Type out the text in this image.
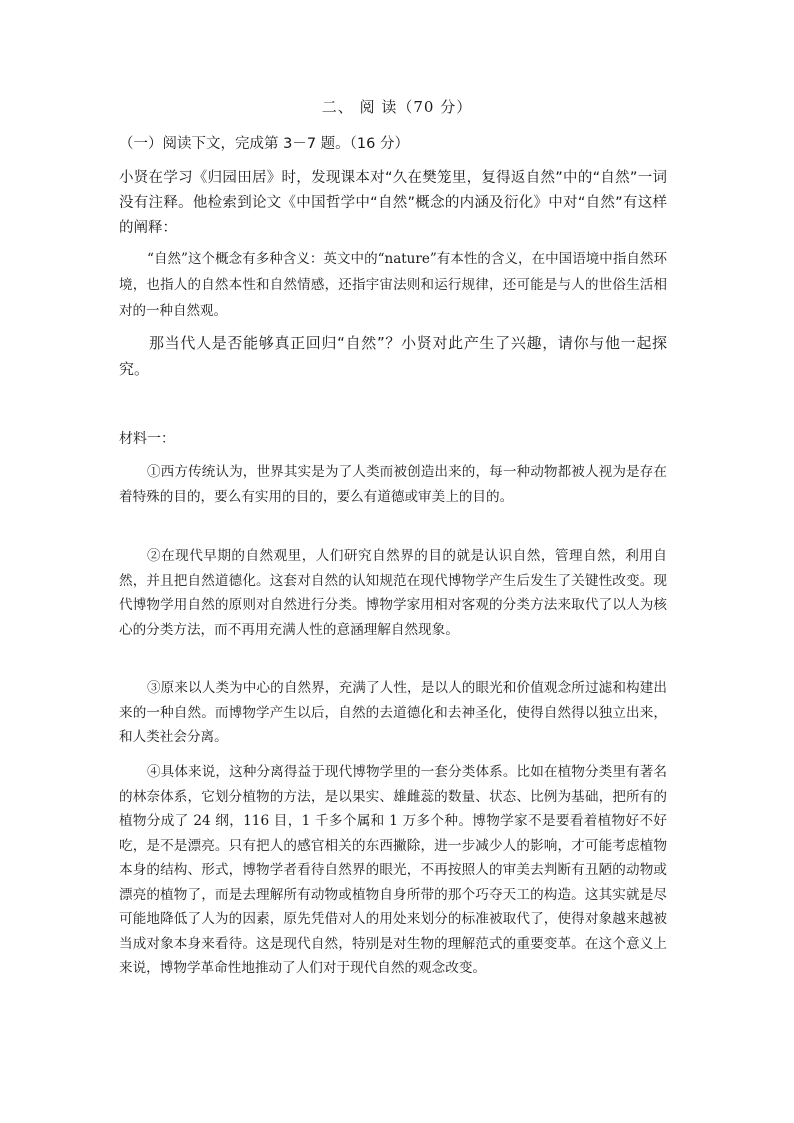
二、 阅 读（70 分）
（一）阅读下文，完成第 3－7 题。（16 分）

小贤在学习《归园田居》时，发现课本对“久在樊笼里，复得返自然”中的“自然”一词没有注释。他检索到论文《中国哲学中“自然”概念的内涵及衍化》中对“自然”有这样的阐释：

“自然”这个概念有多种含义：英文中的“nature”有本性的含义，在中国语境中指自然环境，也指人的自然本性和自然情感，还指宇宙法则和运行规律，还可能是与人的世俗生活相对的一种自然观。

那当代人是否能够真正回归“自然”？小贤对此产生了兴趣，请你与他一起探究。

材料一：

①西方传统认为，世界其实是为了人类而被创造出来的，每一种动物都被人视为是存在着特殊的目的，要么有实用的目的，要么有道德或审美上的目的。

②在现代早期的自然观里，人们研究自然界的目的就是认识自然，管理自然，利用自然，并且把自然道德化。这套对自然的认知规范在现代博物学产生后发生了关键性改变。现代博物学用自然的原则对自然进行分类。博物学家用相对客观的分类方法来取代了以人为核心的分类方法，而不再用充满人性的意涵理解自然现象。

③原来以人类为中心的自然界，充满了人性，是以人的眼光和价值观念所过滤和构建出来的一种自然。而博物学产生以后，自然的去道德化和去神圣化，使得自然得以独立出来，和人类社会分离。

④具体来说，这种分离得益于现代博物学里的一套分类体系。比如在植物分类里有著名的林奈体系，它划分植物的方法，是以果实、雄雌蕊的数量、状态、比例为基础，把所有的植物分成了 24 纲，116 目，1 千多个属和 1 万多个种。博物学家不是要看着植物好不好吃，是不是漂亮。只有把人的感官相关的东西撇除，进一步减少人的影响，才可能考虑植物本身的结构、形式，博物学者看待自然界的眼光，不再按照人的审美去判断有丑陋的动物或漂亮的植物了，而是去理解所有动物或植物自身所带的那个巧夺天工的构造。这其实就是尽可能地降低了人为的因素，原先凭借对人的用处来划分的标准被取代了，使得对象越来越被当成对象本身来看待。这是现代自然，特别是对生物的理解范式的重要变革。在这个意义上来说，博物学革命性地推动了人们对于现代自然的观念改变。
